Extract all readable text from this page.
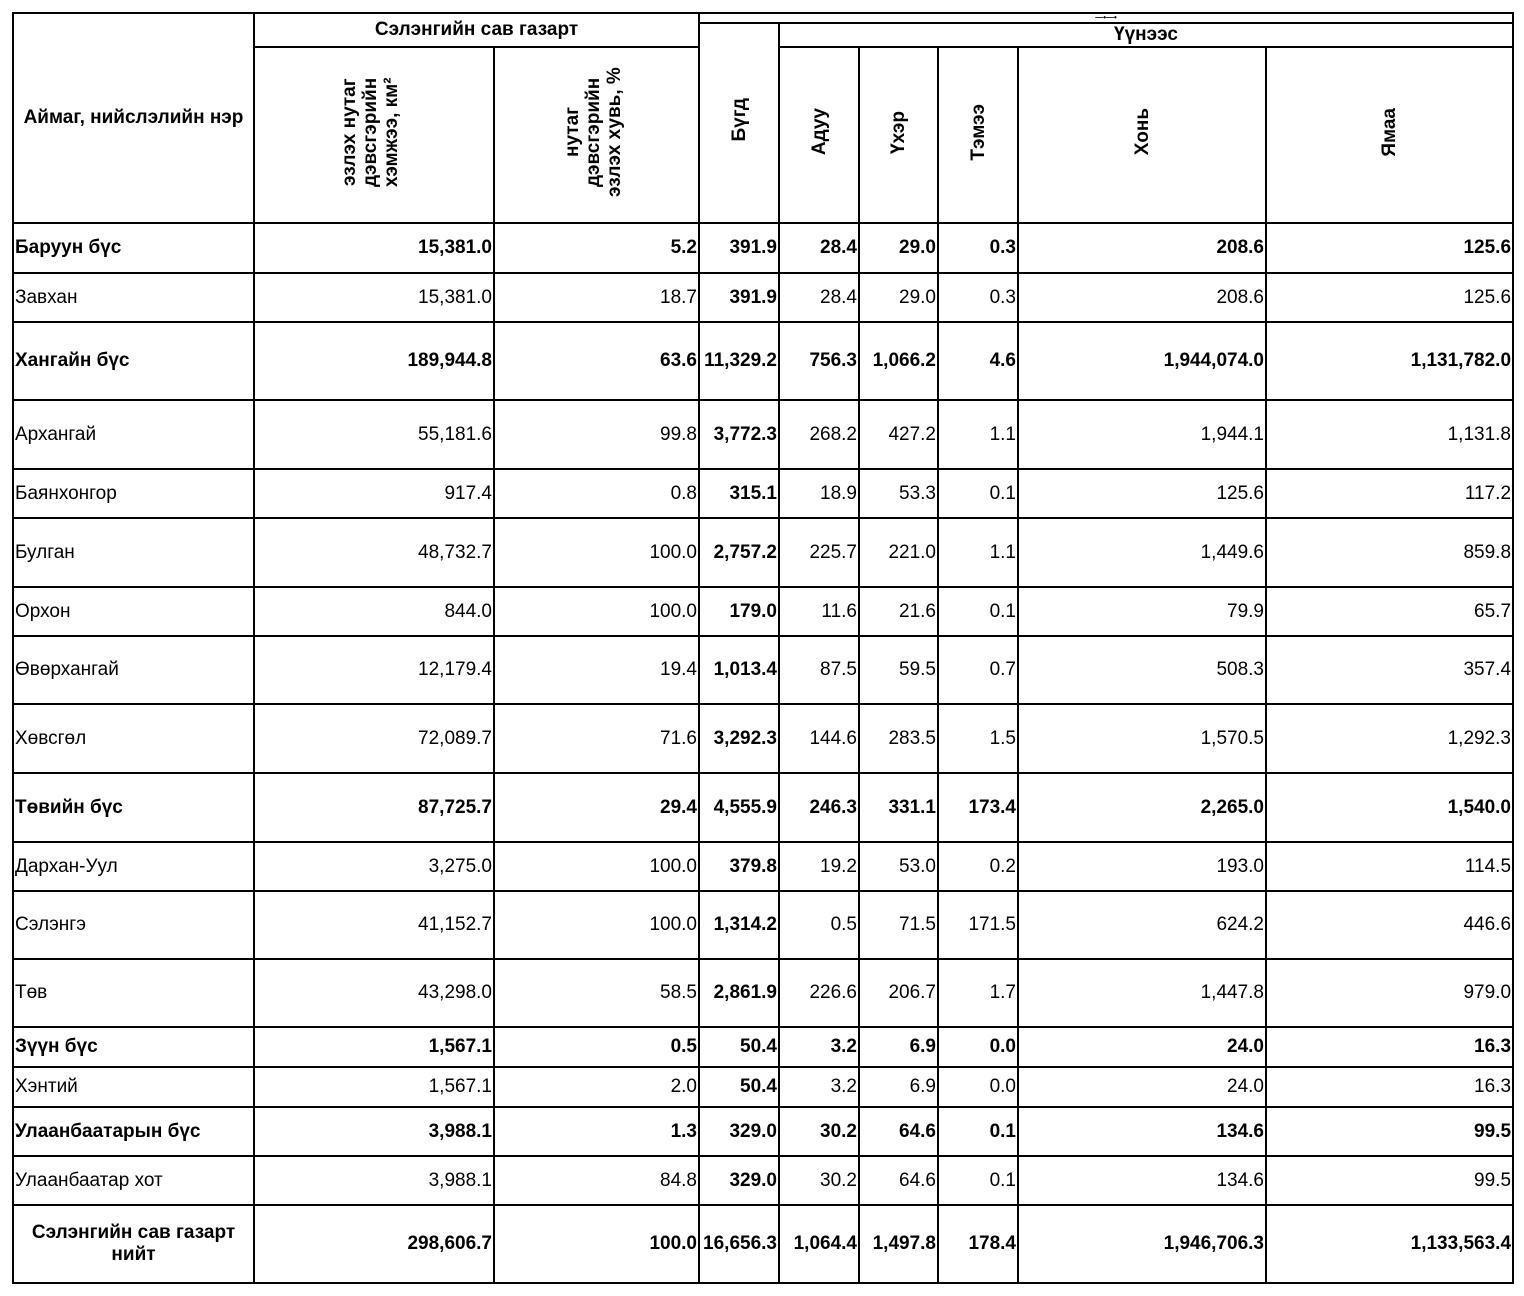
Аймаг, нийслэлийн нэр	Сэлэнгийн сав газарт		—•—•					

			Бүгд	Үүнээс				
	эзлэх нутаг дэвсгэрийн хэмжээ, км²	нутаг дэвсгэрийн эзлэх хувь, %		Адуу	Үхэр	Тэмээ	Хонь	Ямаа
Баруун бүс	15,381.0	5.2	391.9	28.4	29.0	0.3	208.6	125.6
Завхан	15,381.0	18.7	391.9	28.4	29.0	0.3	208.6	125.6
Хангайн бүс	189,944.8	63.6	11,329.2	756.3	1,066.2	4.6	1,944,074.0	1,131,782.0
Архангай	55,181.6	99.8	3,772.3	268.2	427.2	1.1	1,944.1	1,131.8
Баянхонгор	917.4	0.8	315.1	18.9	53.3	0.1	125.6	117.2
Булган	48,732.7	100.0	2,757.2	225.7	221.0	1.1	1,449.6	859.8
Орхон	844.0	100.0	179.0	11.6	21.6	0.1	79.9	65.7
Өвөрхангай	12,179.4	19.4	1,013.4	87.5	59.5	0.7	508.3	357.4
Хөвсгөл	72,089.7	71.6	3,292.3	144.6	283.5	1.5	1,570.5	1,292.3
Төвийн бүс	87,725.7	29.4	4,555.9	246.3	331.1	173.4	2,265.0	1,540.0
Дархан-Уул	3,275.0	100.0	379.8	19.2	53.0	0.2	193.0	114.5
Сэлэнгэ	41,152.7	100.0	1,314.2	0.5	71.5	171.5	624.2	446.6
Төв	43,298.0	58.5	2,861.9	226.6	206.7	1.7	1,447.8	979.0
Зүүн бүс	1,567.1	0.5	50.4	3.2	6.9	0.0	24.0	16.3
Хэнтий	1,567.1	2.0	50.4	3.2	6.9	0.0	24.0	16.3
Улаанбаатарын бүс	3,988.1	1.3	329.0	30.2	64.6	0.1	134.6	99.5
Улаанбаатар хот	3,988.1	84.8	329.0	30.2	64.6	0.1	134.6	99.5
Сэлэнгийн сав газарт нийт	298,606.7	100.0	16,656.3	1,064.4	1,497.8	178.4	1,946,706.3	1,133,563.4
